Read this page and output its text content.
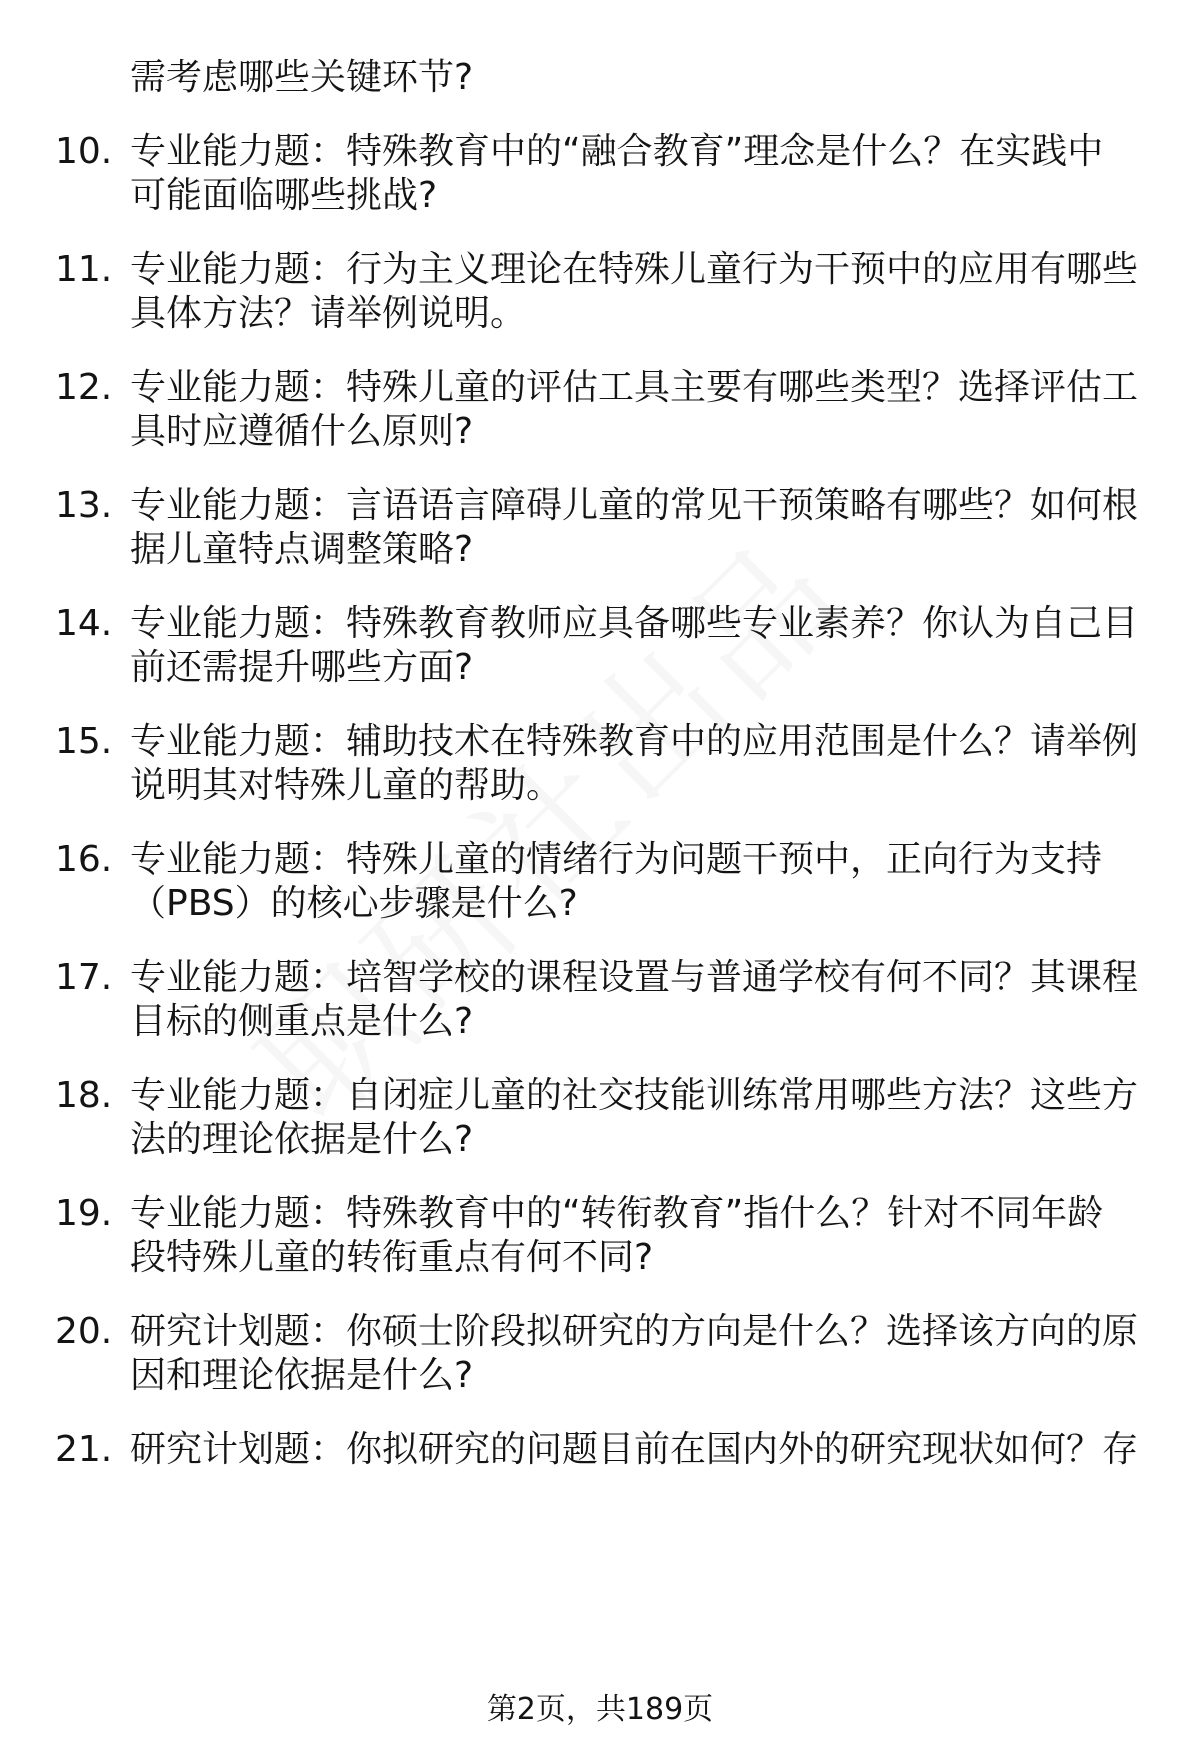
需考虑哪些关键环节?
10. 专业能力题：特殊教育中的“融合教育”理念是什么？在实践中
可能面临哪些挑战?
11. 专业能力题：行为主义理论在特殊儿童行为干预中的应用有哪些
具体方法？请举例说明。
12. 专业能力题：特殊儿童的评估工具主要有哪些类型？选择评估工
具时应遵循什么原则?
13. 专业能力题：言语语言障碍儿童的常见干预策略有哪些？如何根
据儿童特点调整策略?
14. 专业能力题：特殊教育教师应具备哪些专业素养？你认为自己目
前还需提升哪些方面?
15. 专业能力题：辅助技术在特殊教育中的应用范围是什么？请举例
说明其对特殊儿童的帮助。
16. 专业能力题：特殊儿童的情绪行为问题干预中，正向行为支持
（PBS）的核心步骤是什么?
17. 专业能力题：培智学校的课程设置与普通学校有何不同？其课程
目标的侧重点是什么?
18. 专业能力题：自闭症儿童的社交技能训练常用哪些方法？这些方
法的理论依据是什么?
19. 专业能力题：特殊教育中的“转衔教育”指什么？针对不同年龄
段特殊儿童的转衔重点有何不同?
20. 研究计划题：你硕士阶段拟研究的方向是什么？选择该方向的原
因和理论依据是什么?
21. 研究计划题：你拟研究的问题目前在国内外的研究现状如何？存
第2页，共189页
